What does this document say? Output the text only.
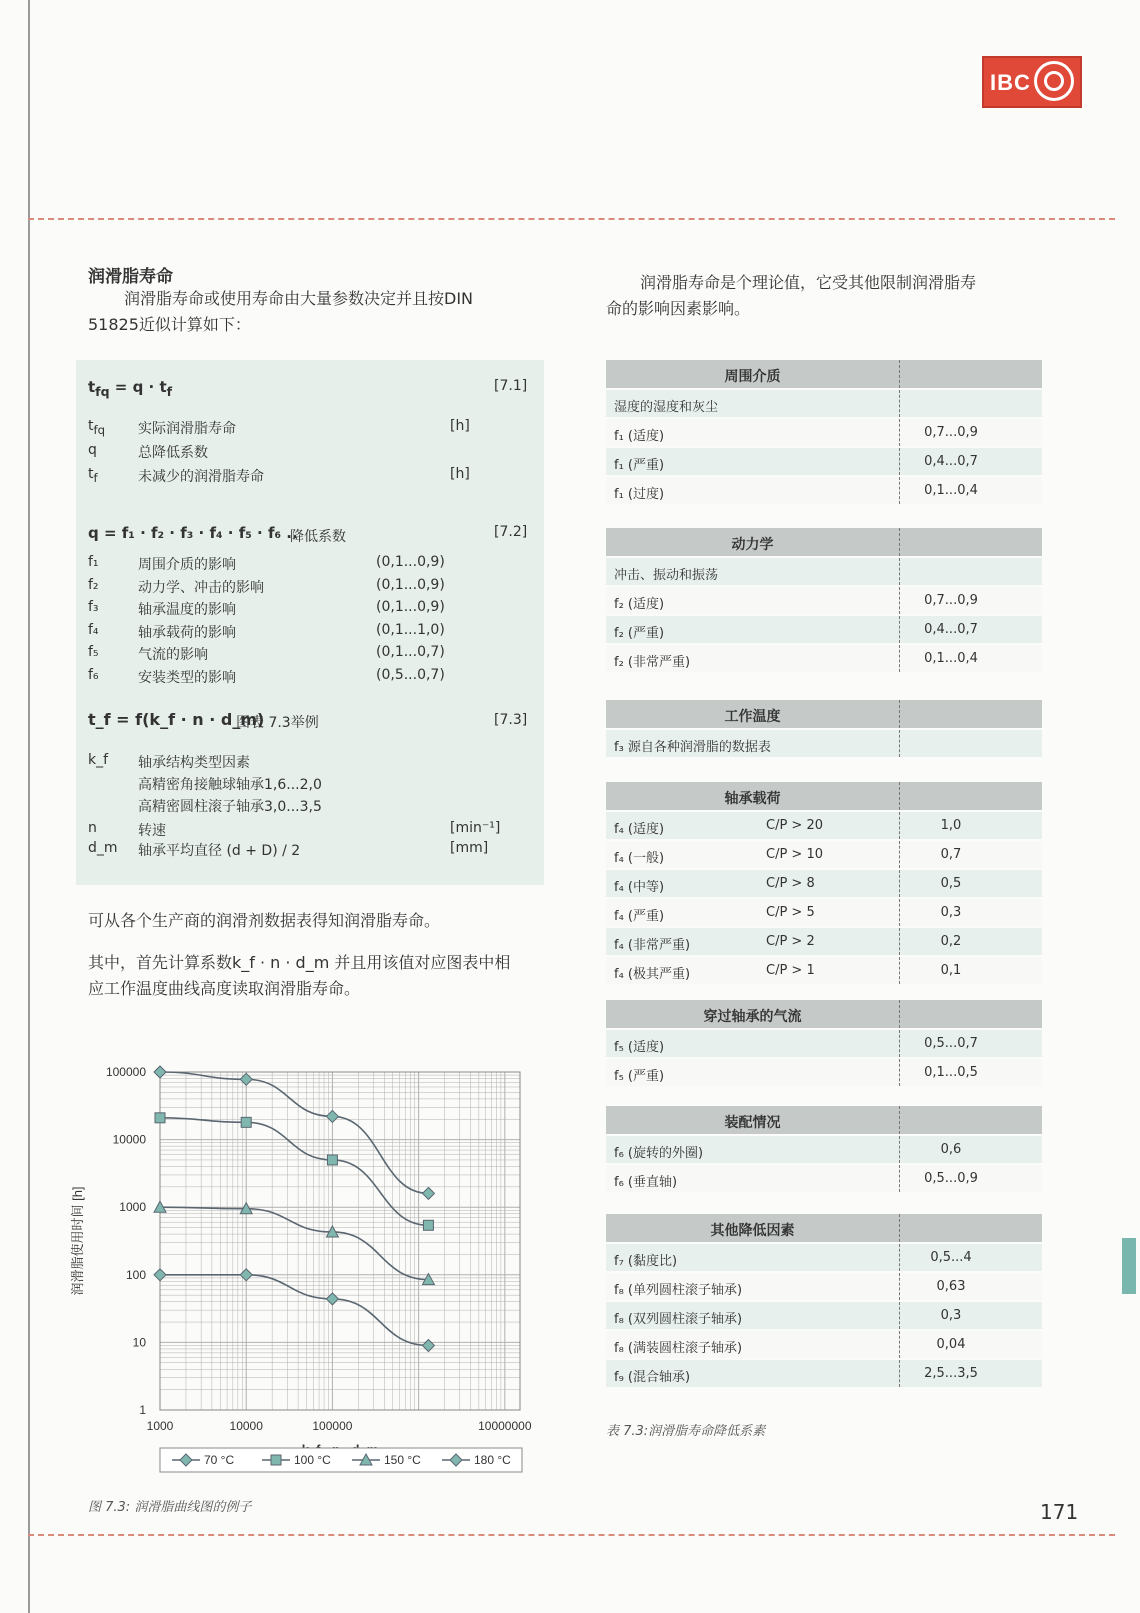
IBC
润滑脂寿命
润滑脂寿命或使用寿命由大量参数决定并且按DIN
51825近似计算如下：
$t_{fq} = q \cdot t_f$	[7.1]
$t_{fq}$ 实际润滑脂寿命	[h]
q	总降低系数
$t_f$	未减少的润滑脂寿命	[h]
q = f₁ · f₂ · f₃ · f₄ · f₅ · f₆ ..
降低系数	[7.2]
f₁	周围介质的影响	(0,1...0,9)
f₂	动力学、冲击的影响	(0,1...0,9)
f₃	轴承温度的影响	(0,1...0,9)
f₄	轴承载荷的影响	(0,1...1,0)
f₅	气流的影响	(0,1...0,7)
f₆	安装类型的影响	(0,5...0,7)
t_f = f(k_f · n · d_m)
图表 7.3举例	[7.3]
k_f 轴承结构类型因素
高精密角接触球轴承1,6...2,0
高精密圆柱滚子轴承3,0...3,5
n	转速	[min⁻¹]
d_m 轴承平均直径 (d + D) / 2	[mm]
可从各个生产商的润滑剂数据表得知润滑脂寿命。
其中，首先计算系数k_f · n · d_m 并且用该值对应图表中相
应工作温度曲线高度读取润滑脂寿命。
1
10
100
1000
10000
100000
1000	10000	100000	10000000
润滑脂使用时间 [h]
70 °C	100 °C	150 °C	180 °C
图 7.3: 润滑脂曲线图的例子
润滑脂寿命是个理论值，它受其他限制润滑脂寿
命的影响因素影响。
周围介质
湿度的湿度和灰尘
f₁ (适度)	0,7...0,9
f₁ (严重)	0,4...0,7
f₁ (过度)	0,1...0,4
动力学
冲击、振动和振荡
f₂ (适度)	0,7...0,9
f₂ (严重)	0,4...0,7
f₂ (非常严重)	0,1...0,4
工作温度
f₃ 源自各种润滑脂的数据表
轴承载荷
f₄ (适度)	C/P > 20	1,0
f₄ (一般)	C/P > 10	0,7
f₄ (中等)	C/P > 8	0,5
f₄ (严重)	C/P > 5	0,3
f₄ (非常严重)	C/P > 2	0,2
f₄ (极其严重)	C/P > 1	0,1
穿过轴承的气流
f₅ (适度)	0,5...0,7
f₅ (严重)	0,1...0,5
装配情况
f₆ (旋转的外圈)	0,6
f₆ (垂直轴)	0,5...0,9
其他降低因素
f₇ (黏度比)	0,5...4
f₈ (单列圆柱滚子轴承)	0,63
f₈ (双列圆柱滚子轴承)	0,3
f₈ (满装圆柱滚子轴承)	0,04
f₉ (混合轴承)	2,5...3,5
表 7.3:润滑脂寿命降低系素
171
